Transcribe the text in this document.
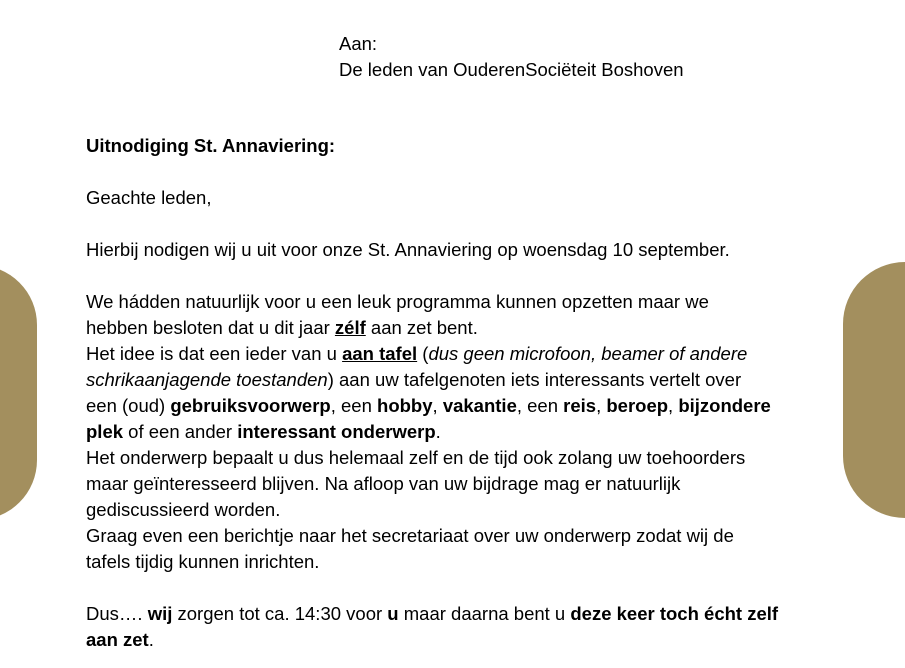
Aan:
De leden van OuderenSociëteit Boshoven
Uitnodiging St. Annaviering:
Geachte leden,
Hierbij nodigen wij u uit voor onze St. Annaviering op woensdag 10 september.
We hádden natuurlijk voor u een leuk programma kunnen opzetten maar we
hebben besloten dat u dit jaar zélf aan zet bent.
Het idee is dat een ieder van u aan tafel (dus geen microfoon, beamer of andere
schrikaanjagende toestanden) aan uw tafelgenoten iets interessants vertelt over
een (oud) gebruiksvoorwerp, een hobby, vakantie, een reis, beroep, bijzondere
plek of een ander interessant onderwerp.
Het onderwerp bepaalt u dus helemaal zelf en de tijd ook zolang uw toehoorders
maar geïnteresseerd blijven. Na afloop van uw bijdrage mag er natuurlijk
gediscussieerd worden.
Graag even een berichtje naar het secretariaat over uw onderwerp zodat wij de
tafels tijdig kunnen inrichten.
Dus…. wij zorgen tot ca. 14:30 voor u maar daarna bent u deze keer toch écht zelf
aan zet.
